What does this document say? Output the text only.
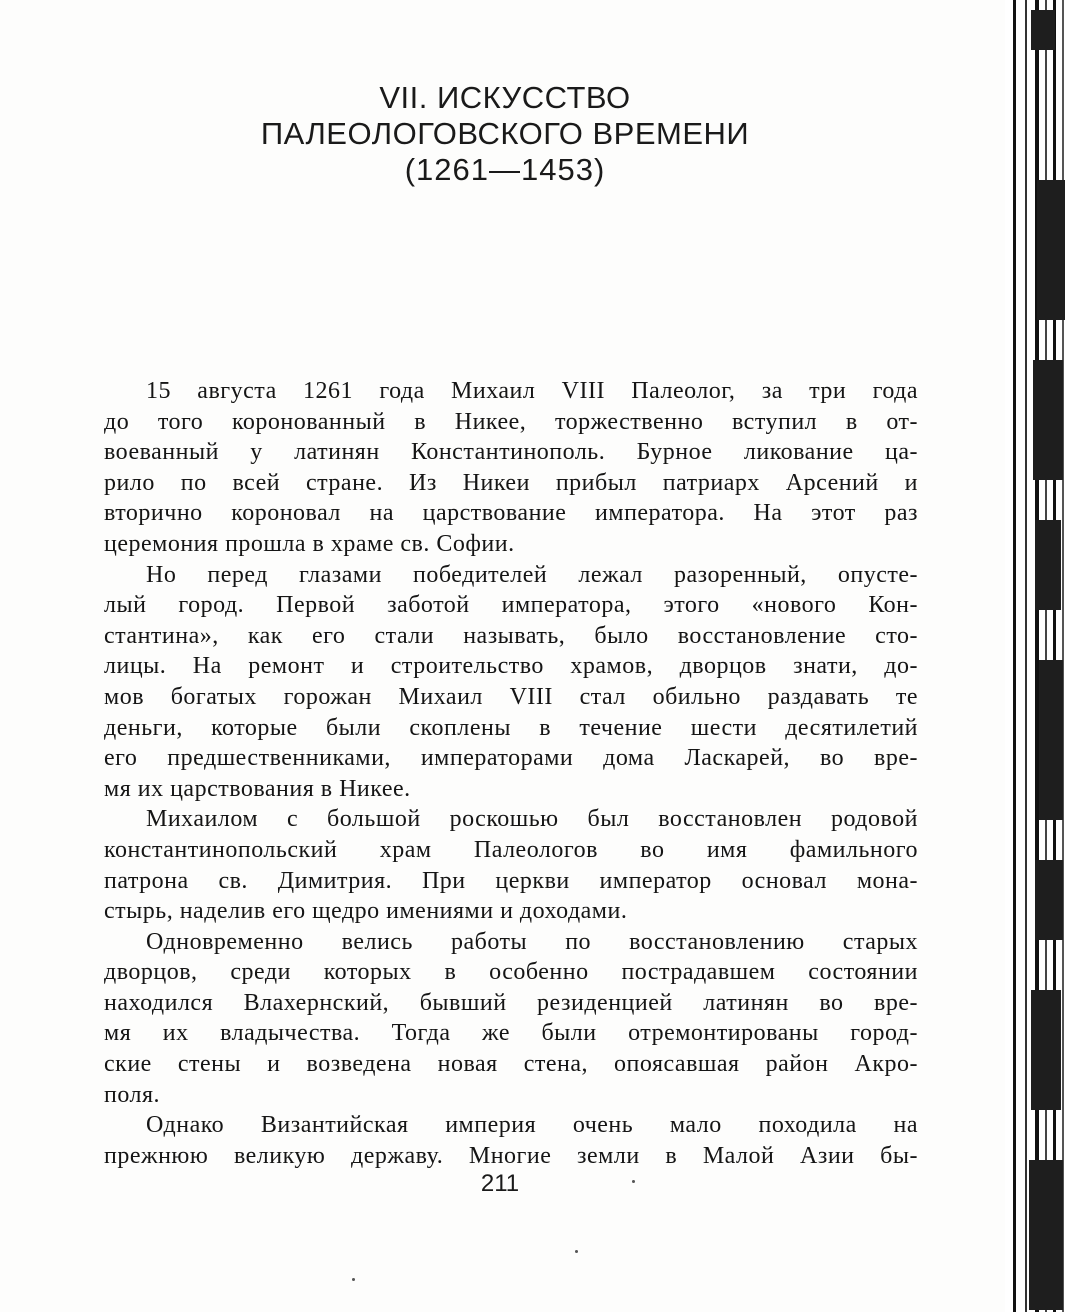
VII. ИСКУССТВО
ПАЛЕОЛОГОВСКОГО ВРЕМЕНИ
(1261—1453)
15 августа 1261 года Михаил VIII Палеолог, за три года
до того коронованный в Никее, торжественно вступил в от-
воеванный у латинян Константинополь. Бурное ликование ца-
рило по всей стране. Из Никеи прибыл патриарх Арсений и
вторично короновал на царствование императора. На этот раз
церемония прошла в храме св. Софии.
Но перед глазами победителей лежал разоренный, опусте-
лый город. Первой заботой императора, этого «нового Кон-
стантина», как его стали называть, было восстановление сто-
лицы. На ремонт и строительство храмов, дворцов знати, до-
мов богатых горожан Михаил VIII стал обильно раздавать те
деньги, которые были скоплены в течение шести десятилетий
его предшественниками, императорами дома Ласкарей, во вре-
мя их царствования в Никее.
Михаилом с большой роскошью был восстановлен родовой
константинопольский храм Палеологов во имя фамильного
патрона св. Димитрия. При церкви император основал мона-
стырь, наделив его щедро имениями и доходами.
Одновременно велись работы по восстановлению старых
дворцов, среди которых в особенно пострадавшем состоянии
находился Влахернский, бывший резиденцией латинян во вре-
мя их владычества. Тогда же были отремонтированы город-
ские стены и возведена новая стена, опоясавшая район Акро-
поля.
Однако Византийская империя очень мало походила на
прежнюю великую державу. Многие земли в Малой Азии бы-
211
